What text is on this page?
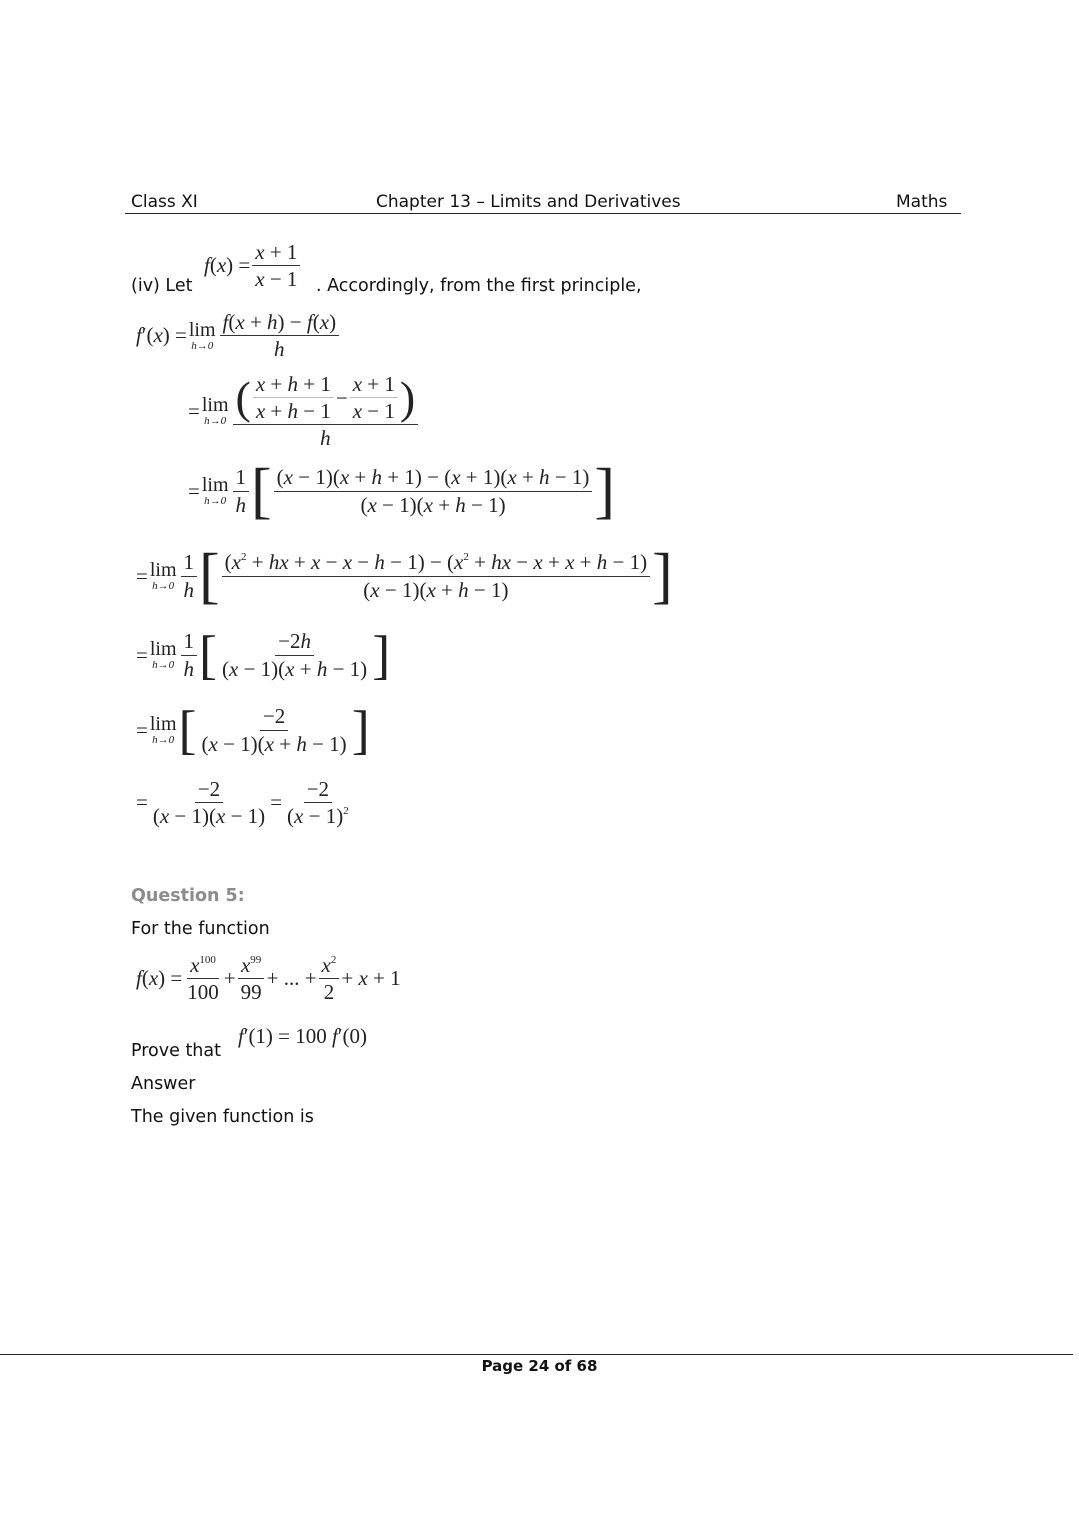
Class XI	Chapter 13 – Limits and Derivatives	Maths
(iv) Let
$f(x) = \frac{x + 1}{x - 1}$ . Accordingly, from the first principle,
f′(x) = lim
$h\to 0 \frac{f(x + h) - f(x)}{h}$
= lim
$h\to 0 \frac{( \frac{x + h + 1}{x + h - 1} - \frac{x + 1}{x - 1} )}{h}$
= lim
$h\to 0 \frac{1}{h}$ [ $\frac{(x - 1)(x + h + 1) - (x + 1)(x + h - 1)}{(x - 1)(x + h - 1)}$ ]
= lim
$h\to 0 \frac{1}{h}$ [ $\frac{(x^2 + hx + x - x - h - 1) - (x^2 + hx - x + x + h - 1)}{(x - 1)(x + h - 1)}$ ]
= lim
$h\to 0 \frac{1}{h}$ [ $\frac{-2h}{(x - 1)(x + h - 1)}$ ]
= lim
h→0 [ $\frac{-2}{(x - 1)(x + h - 1)}$ ]
= $\frac{-2}{(x - 1)(x - 1)} = \frac{-2}{(x - 1)^2}$
Question 5:
For the function
$f(x) = \frac{x^{100}}{100} + \frac{x^{99}}{99}$ + ... + $\frac{x^2}{2} + x + 1$
Prove that
f′(1) = 100 f′(0)
Answer
The given function is
Page 24 of 68
